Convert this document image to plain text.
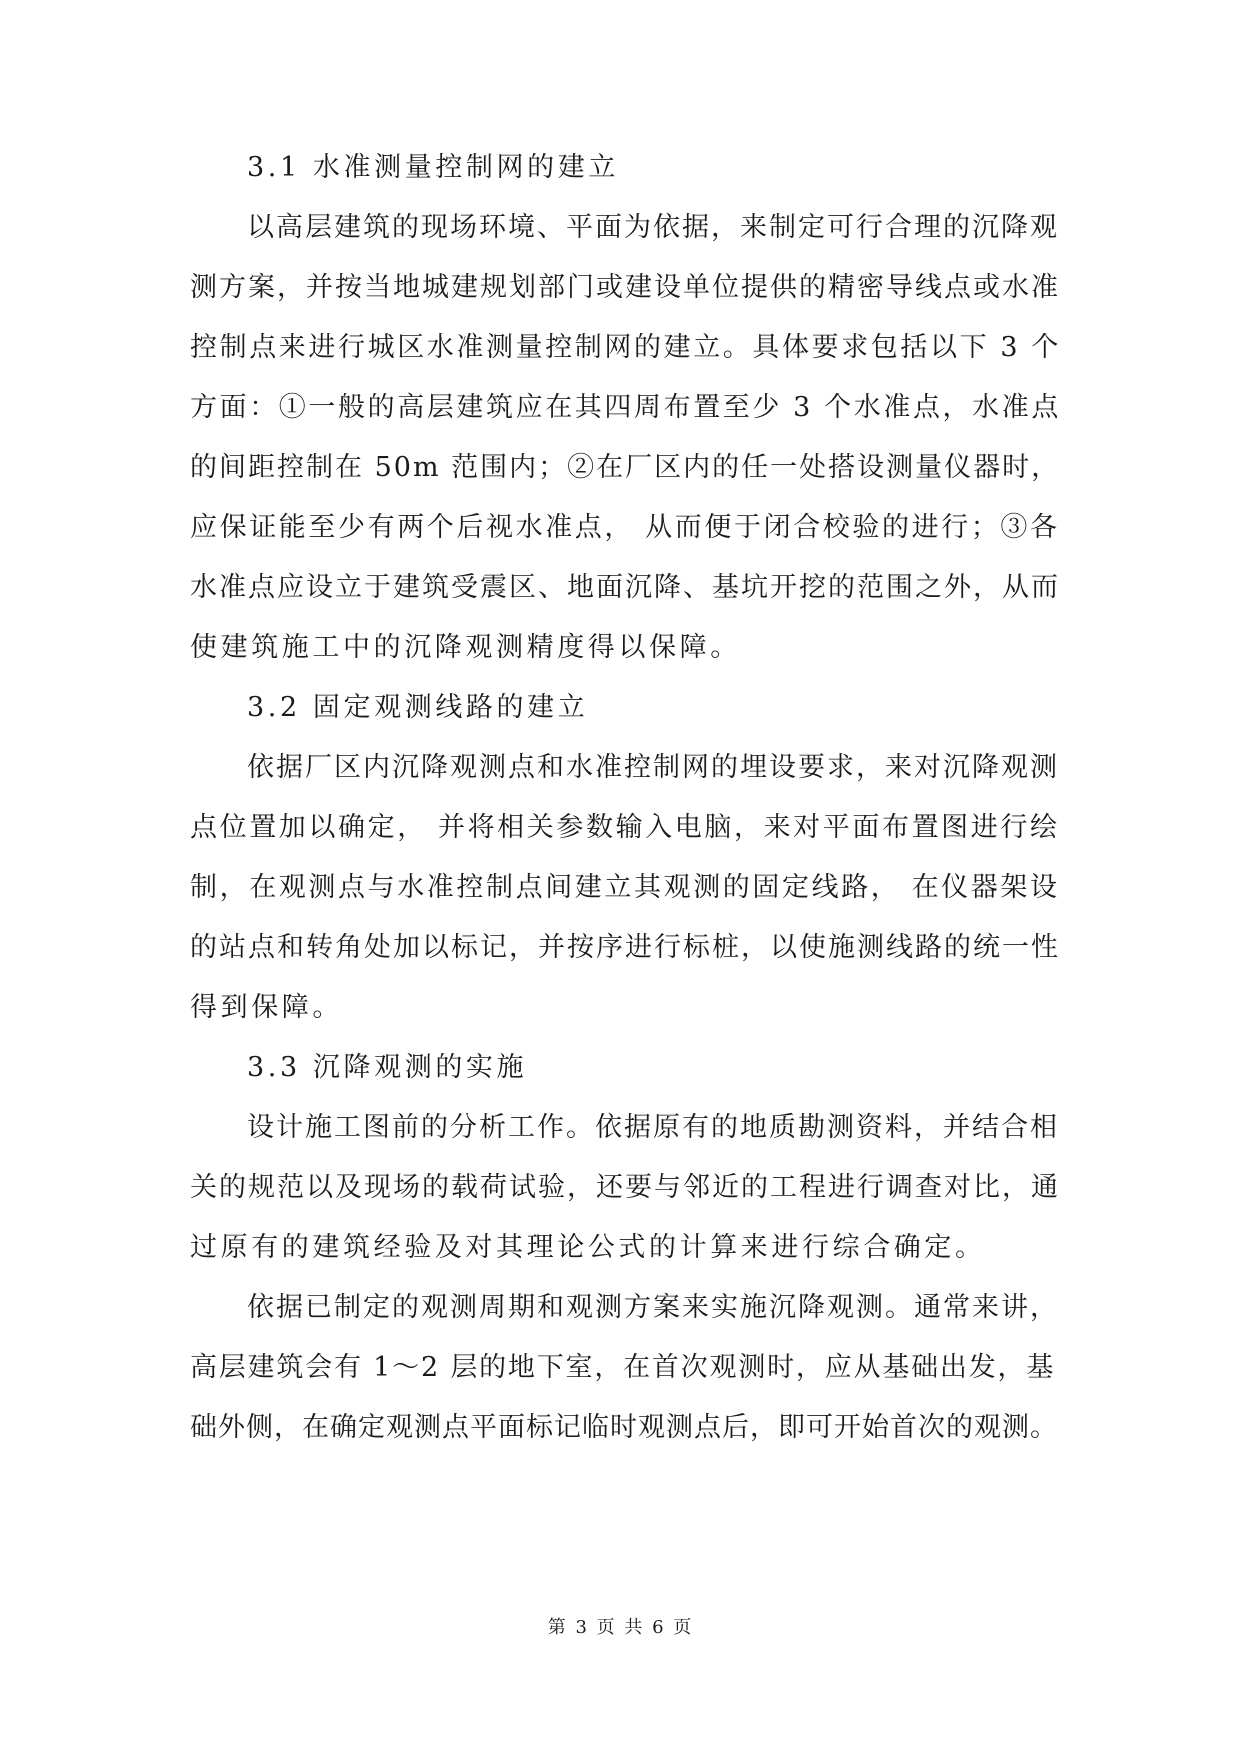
3.1 水准测量控制网的建立
以高层建筑的现场环境、平面为依据，来制定可行合理的沉降观
测方案，并按当地城建规划部门或建设单位提供的精密导线点或水准
控制点来进行城区水准测量控制网的建立。具体要求包括以下 3 个
方面：①一般的高层建筑应在其四周布置至少 3 个水准点，水准点
的间距控制在 50m 范围内；②在厂区内的任一处搭设测量仪器时，
应保证能至少有两个后视水准点， 从而便于闭合校验的进行；③各
水准点应设立于建筑受震区、地面沉降、基坑开挖的范围之外，从而
使建筑施工中的沉降观测精度得以保障。
3.2 固定观测线路的建立
依据厂区内沉降观测点和水准控制网的埋设要求，来对沉降观测
点位置加以确定， 并将相关参数输入电脑，来对平面布置图进行绘
制，在观测点与水准控制点间建立其观测的固定线路， 在仪器架设
的站点和转角处加以标记，并按序进行标桩，以使施测线路的统一性
得到保障。
3.3 沉降观测的实施
设计施工图前的分析工作。依据原有的地质勘测资料，并结合相
关的规范以及现场的载荷试验，还要与邻近的工程进行调查对比，通
过原有的建筑经验及对其理论公式的计算来进行综合确定。
依据已制定的观测周期和观测方案来实施沉降观测。通常来讲，
高层建筑会有 1～2 层的地下室，在首次观测时，应从基础出发，基
础外侧，在确定观测点平面标记临时观测点后，即可开始首次的观测。
第 3 页 共 6 页
